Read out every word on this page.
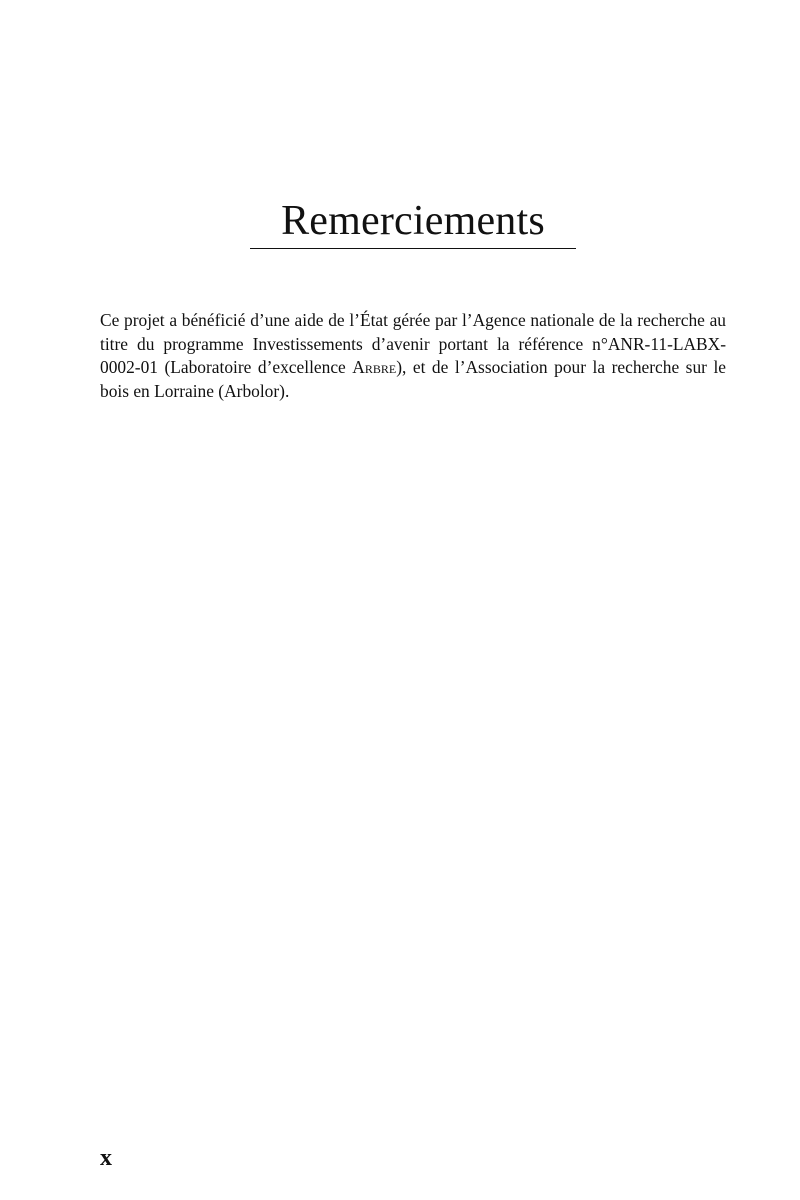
Remerciements

Ce projet a bénéficié d’une aide de l’État gérée par l’Agence nationale de la recherche au titre du programme Investissements d’avenir portant la référence n°ANR-11-LABX-0002-01 (Laboratoire d’excellence Arbre), et de l’Association pour la recherche sur le bois en Lorraine (Arbolor).

x
